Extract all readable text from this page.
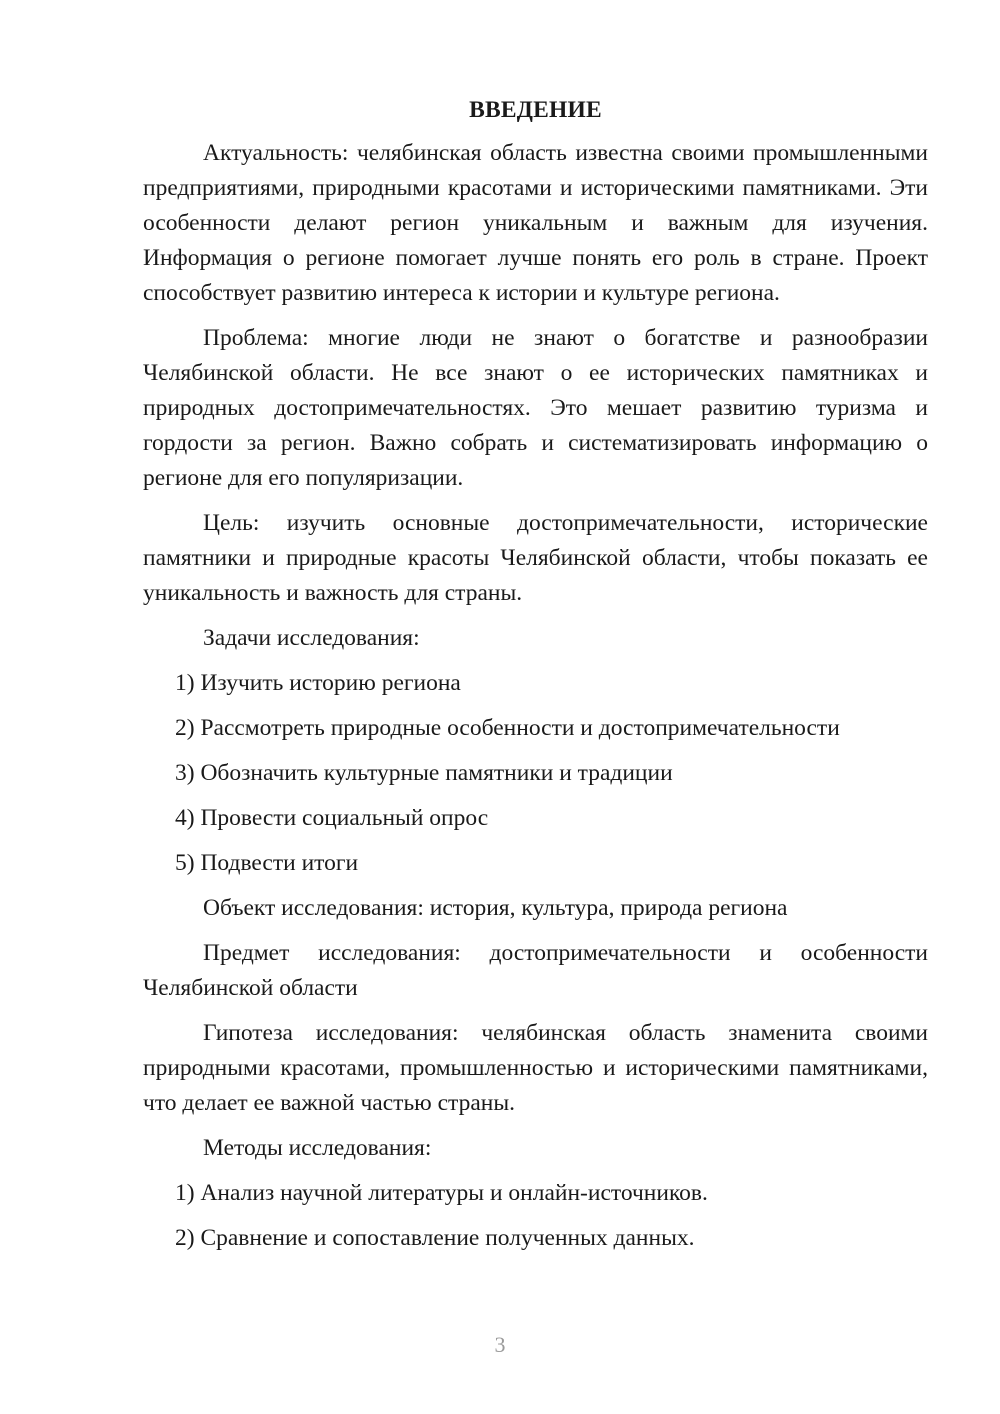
ВВЕДЕНИЕ

Актуальность: челябинская область известна своими промышленными предприятиями, природными красотами и историческими памятниками. Эти особенности делают регион уникальным и важным для изучения. Информация о регионе помогает лучше понять его роль в стране. Проект способствует развитию интереса к истории и культуре региона.

Проблема: многие люди не знают о богатстве и разнообразии Челябинской области. Не все знают о ее исторических памятниках и природных достопримечательностях. Это мешает развитию туризма и гордости за регион. Важно собрать и систематизировать информацию о регионе для его популяризации.

Цель: изучить основные достопримечательности, исторические памятники и природные красоты Челябинской области, чтобы показать ее уникальность и важность для страны.

Задачи исследования:

1) Изучить историю региона

2) Рассмотреть природные особенности и достопримечательности

3) Обозначить культурные памятники и традиции

4) Провести социальный опрос

5) Подвести итоги

Объект исследования: история, культура, природа региона

Предмет исследования: достопримечательности и особенности Челябинской области

Гипотеза исследования: челябинская область знаменита своими природными красотами, промышленностью и историческими памятниками, что делает ее важной частью страны.

Методы исследования:

1) Анализ научной литературы и онлайн-источников.

2) Сравнение и сопоставление полученных данных.

3
